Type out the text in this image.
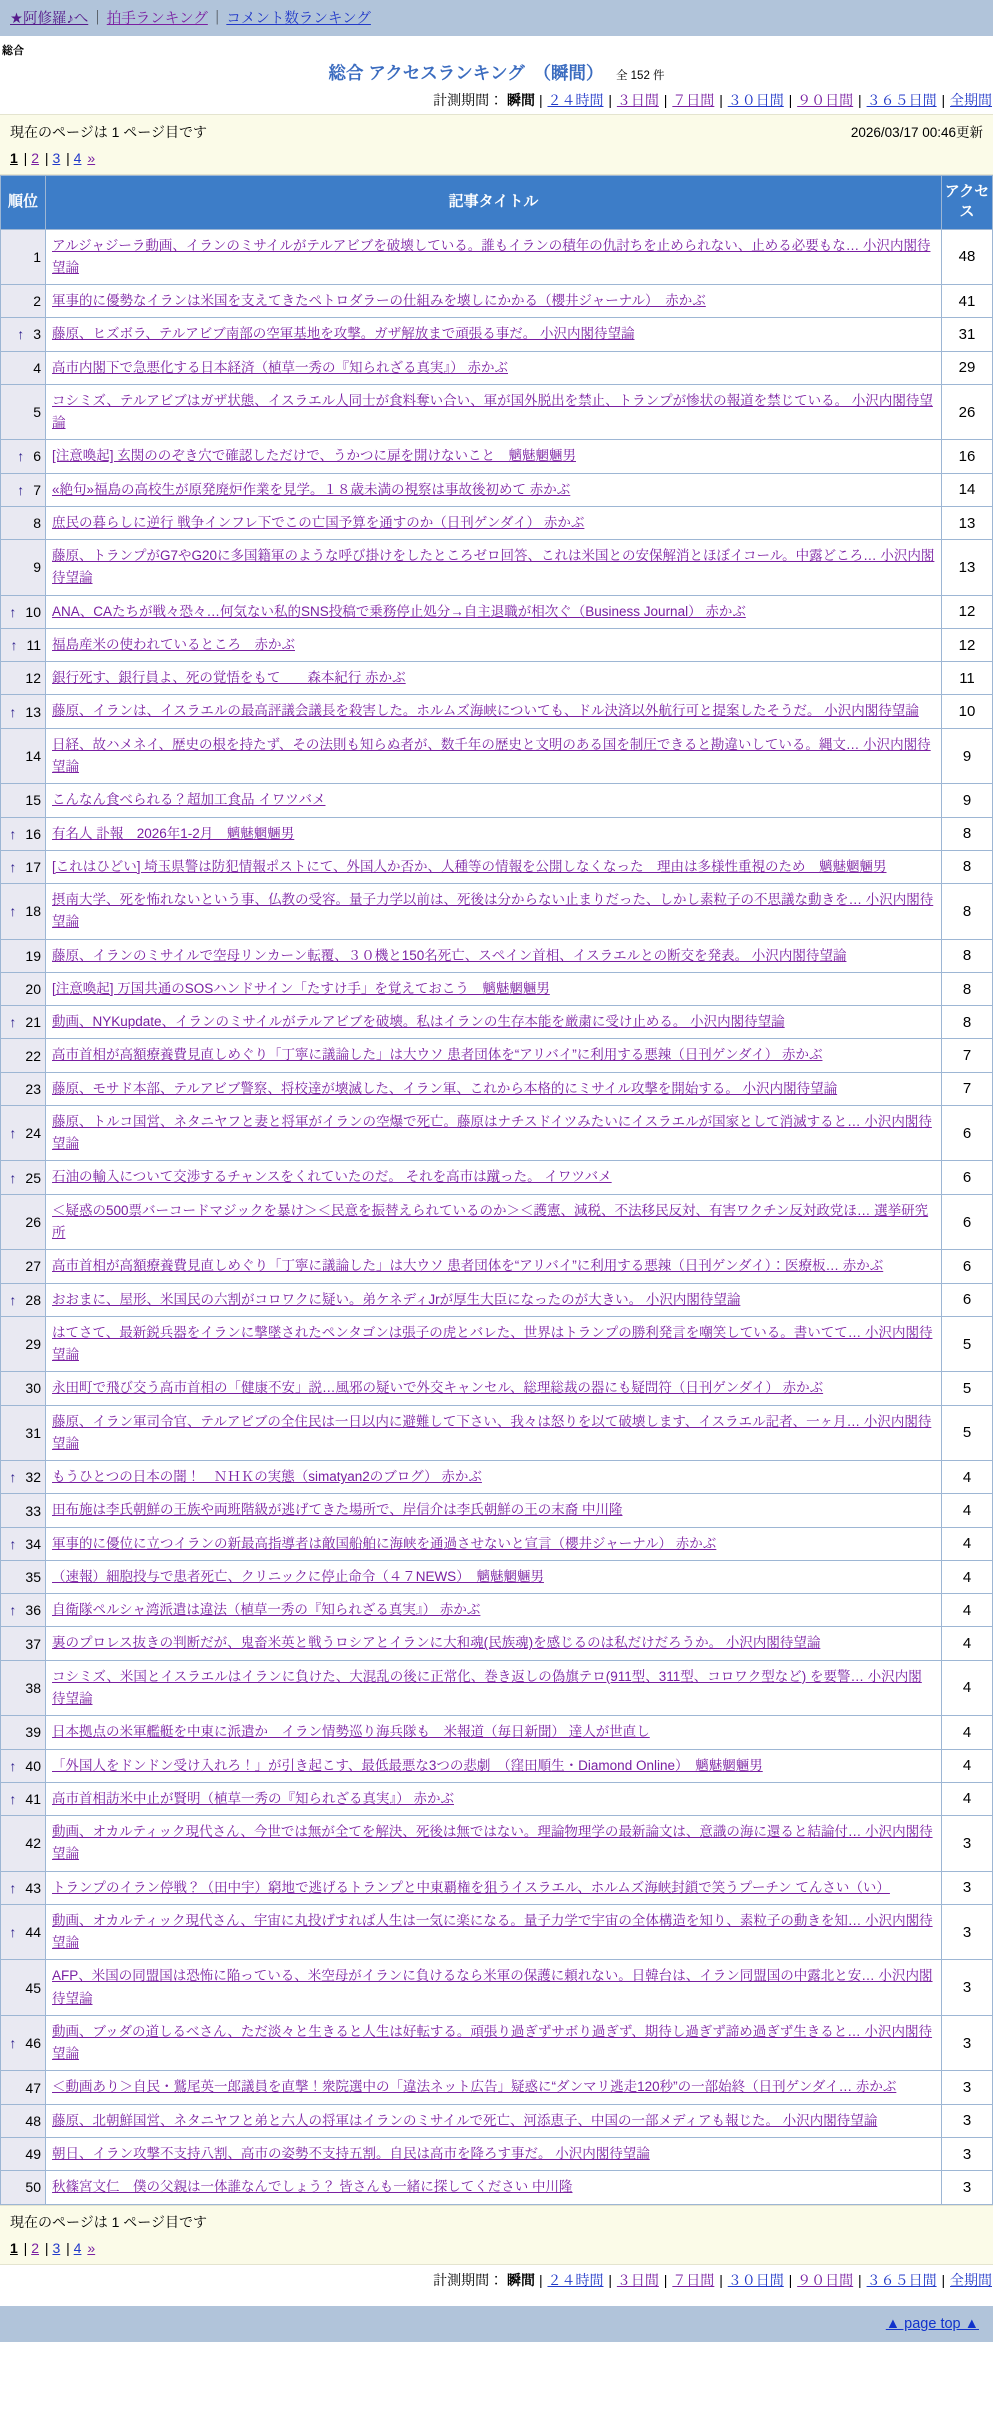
★阿修羅♪へ ｜ 拍手ランキング ｜ コメント数ランキング
総合
総合 アクセスランキング　（瞬間） 全 152 件
計測期間： 瞬間 | ２４時間 | ３日間 | ７日間 | ３０日間 | ９０日間 | ３６５日間 | 全期間
現在のページは 1 ページ目です	2026/03/17 00:46更新
1 | 2 | 3 | 4 »
順位	記事タイトル	アクセス

1	アルジャジーラ動画、イランのミサイルがテルアビブを破壊している。誰もイランの積年の仇討ちを止められない、止める必要もな… 小沢内閣待望論	48

2	軍事的に優勢なイランは米国を支えてきたペトロダラーの仕組みを壊しにかかる（櫻井ジャーナル）　赤かぶ	41

↑ 3	藤原、ヒズボラ、テルアビブ南部の空軍基地を攻撃。ガザ解放まで頑張る事だ。 小沢内閣待望論	31

4	高市内閣下で急悪化する日本経済（植草一秀の『知られざる真実』） 赤かぶ	29

5	コシミズ、テルアビブはガザ状態、イスラエル人同士が食料奪い合い、軍が国外脱出を禁止、トランプが惨状の報道を禁じている。 小沢内閣待望論	26

↑ 6	[注意喚起] 玄関ののぞき穴で確認しただけで、うかつに扉を開けないこと　魑魅魍魎男	16

↑ 7	«絶句»福島の高校生が原発廃炉作業を見学。１８歳未満の視察は事故後初めて 赤かぶ	14

8	庶民の暮らしに逆行 戦争インフレ下でこの亡国予算を通すのか（日刊ゲンダイ） 赤かぶ	13

9	藤原、トランプがG7やG20に多国籍軍のような呼び掛けをしたところゼロ回答、これは米国との安保解消とほぼイコール。中露どころ… 小沢内閣待望論	13

↑ 10	ANA、CAたちが戦々恐々…何気ない私的SNS投稿で乗務停止処分→自主退職が相次ぐ（Business Journal） 赤かぶ	12

↑ 11	福島産米の使われているところ　赤かぶ	12

12	銀行死す、銀行員よ、死の覚悟をもて　　森本紀行 赤かぶ	11

↑ 13	藤原、イランは、イスラエルの最高評議会議長を殺害した。ホルムズ海峡についても、ドル決済以外航行可と提案したそうだ。 小沢内閣待望論	10

14	日経、故ハメネイ、歴史の根を持たず、その法則も知らぬ者が、数千年の歴史と文明のある国を制圧できると勘違いしている。縄文… 小沢内閣待望論	9

15	こんなん食べられる？超加工食品 イワツバメ	9

↑ 16	有名人 訃報　2026年1-2月　魑魅魍魎男	8

↑ 17	[これはひどい] 埼玉県警は防犯情報ポストにて、外国人か否か、人種等の情報を公開しなくなった　理由は多様性重視のため　魑魅魍魎男	8

↑ 18	摂南大学、死を怖れないという事、仏教の受容。量子力学以前は、死後は分からない止まりだった、しかし素粒子の不思議な動きを… 小沢内閣待望論	8

19	藤原、イランのミサイルで空母リンカーン転覆、３０機と150名死亡、スペイン首相、イスラエルとの断交を発表。 小沢内閣待望論	8

20	[注意喚起] 万国共通のSOSハンドサイン「たすけ手」を覚えておこう　魑魅魍魎男	8

↑ 21	動画、NYKupdate、イランのミサイルがテルアビブを破壊。私はイランの生存本能を厳粛に受け止める。 小沢内閣待望論	8

22	高市首相が高額療養費見直しめぐり「丁寧に議論した」は大ウソ 患者団体を“アリバイ”に利用する悪辣（日刊ゲンダイ） 赤かぶ	7

23	藤原、モサド本部、テルアビブ警察、将校達が壊滅した、イラン軍、これから本格的にミサイル攻撃を開始する。 小沢内閣待望論	7

↑ 24	藤原、トルコ国営、ネタニヤフと妻と将軍がイランの空爆で死亡。藤原はナチスドイツみたいにイスラエルが国家として消滅すると… 小沢内閣待望論	6

↑ 25	石油の輸入について交渉するチャンスをくれていたのだ。 それを高市は蹴った。 イワツバメ	6

26	＜疑惑の500票バーコードマジックを暴け＞＜民意を振替えられているのか＞＜護憲、減税、不法移民反対、有害ワクチン反対政党ほ… 選挙研究所	6

27	高市首相が高額療養費見直しめぐり「丁寧に議論した」は大ウソ 患者団体を“アリバイ”に利用する悪辣（日刊ゲンダイ）：医療板… 赤かぶ	6

↑ 28	おおまに、屋形、米国民の六割がコロワクに疑い。弟ケネディJrが厚生大臣になったのが大きい。 小沢内閣待望論	6

29	はてさて、最新鋭兵器をイランに撃墜されたペンタゴンは張子の虎とバレた、世界はトランプの勝利発言を嘲笑している。書いてて… 小沢内閣待望論	5

30	永田町で飛び交う高市首相の「健康不安」説…風邪の疑いで外交キャンセル、総理総裁の器にも疑問符（日刊ゲンダイ） 赤かぶ	5

31	藤原、イラン軍司令官、テルアビブの全住民は一日以内に避難して下さい、我々は怒りを以て破壊します、イスラエル記者、一ヶ月… 小沢内閣待望論	5

↑ 32	もうひとつの日本の闇！　ＮＨＫの実態（simatyan2のブログ） 赤かぶ	4

33	田布施は李氏朝鮮の王族や両班階級が逃げてきた場所で、岸信介は李氏朝鮮の王の末裔 中川隆	4

↑ 34	軍事的に優位に立つイランの新最高指導者は敵国船舶に海峡を通過させないと宣言（櫻井ジャーナル） 赤かぶ	4

35	（速報）細胞投与で患者死亡、クリニックに停止命令（４７NEWS）　魑魅魍魎男	4

↑ 36	自衛隊ペルシャ湾派遣は違法（植草一秀の『知られざる真実』） 赤かぶ	4

37	裏のプロレス抜きの判断だが、鬼畜米英と戦うロシアとイランに大和魂(民族魂)を感じるのは私だけだろうか。 小沢内閣待望論	4

38	コシミズ、米国とイスラエルはイランに負けた、大混乱の後に正常化、巻き返しの偽旗テロ(911型、311型、コロワク型など) を要警… 小沢内閣待望論	4

39	日本拠点の米軍艦艇を中東に派遣か　イラン情勢巡り海兵隊も　米報道（毎日新聞） 達人が世直し	4

↑ 40	「外国人をドンドン受け入れろ！」が引き起こす、最低最悪な3つの悲劇　（窪田順生・Diamond Online）　魑魅魍魎男	4

↑ 41	高市首相訪米中止が賢明（植草一秀の『知られざる真実』） 赤かぶ	4

42	動画、オカルティック現代さん、今世では無が全てを解決、死後は無ではない。理論物理学の最新論文は、意識の海に還ると結論付… 小沢内閣待望論	3

↑ 43	トランプのイラン停戦？（田中宇）窮地で逃げるトランプと中東覇権を狙うイスラエル、ホルムズ海峡封鎖で笑うプーチン てんさい（い）	3

↑ 44	動画、オカルティック現代さん、宇宙に丸投げすれば人生は一気に楽になる。量子力学で宇宙の全体構造を知り、素粒子の動きを知… 小沢内閣待望論	3

45	AFP、米国の同盟国は恐怖に陥っている、米空母がイランに負けるなら米軍の保護に頼れない。日韓台は、イラン同盟国の中露北と安… 小沢内閣待望論	3

↑ 46	動画、ブッダの道しるべさん、ただ淡々と生きると人生は好転する。頑張り過ぎずサボり過ぎず、期待し過ぎず諦め過ぎず生きると… 小沢内閣待望論	3

47	＜動画あり＞自民・鷲尾英一郎議員を直撃！衆院選中の「違法ネット広告」疑惑に“ダンマリ逃走120秒”の一部始終（日刊ゲンダイ… 赤かぶ	3

48	藤原、北朝鮮国営、ネタニヤフと弟と六人の将軍はイランのミサイルで死亡、河添恵子、中国の一部メディアも報じた。 小沢内閣待望論	3

49	朝日、イラン攻撃不支持八割、高市の姿勢不支持五割。自民は高市を降ろす事だ。 小沢内閣待望論	3

50	秋篠宮文仁　僕の父親は一体誰なんでしょう？ 皆さんも一緒に探してください 中川隆	3
現在のページは 1 ページ目です
1 | 2 | 3 | 4 »
計測期間： 瞬間 | ２４時間 | ３日間 | ７日間 | ３０日間 | ９０日間 | ３６５日間 | 全期間
▲ page top ▲
